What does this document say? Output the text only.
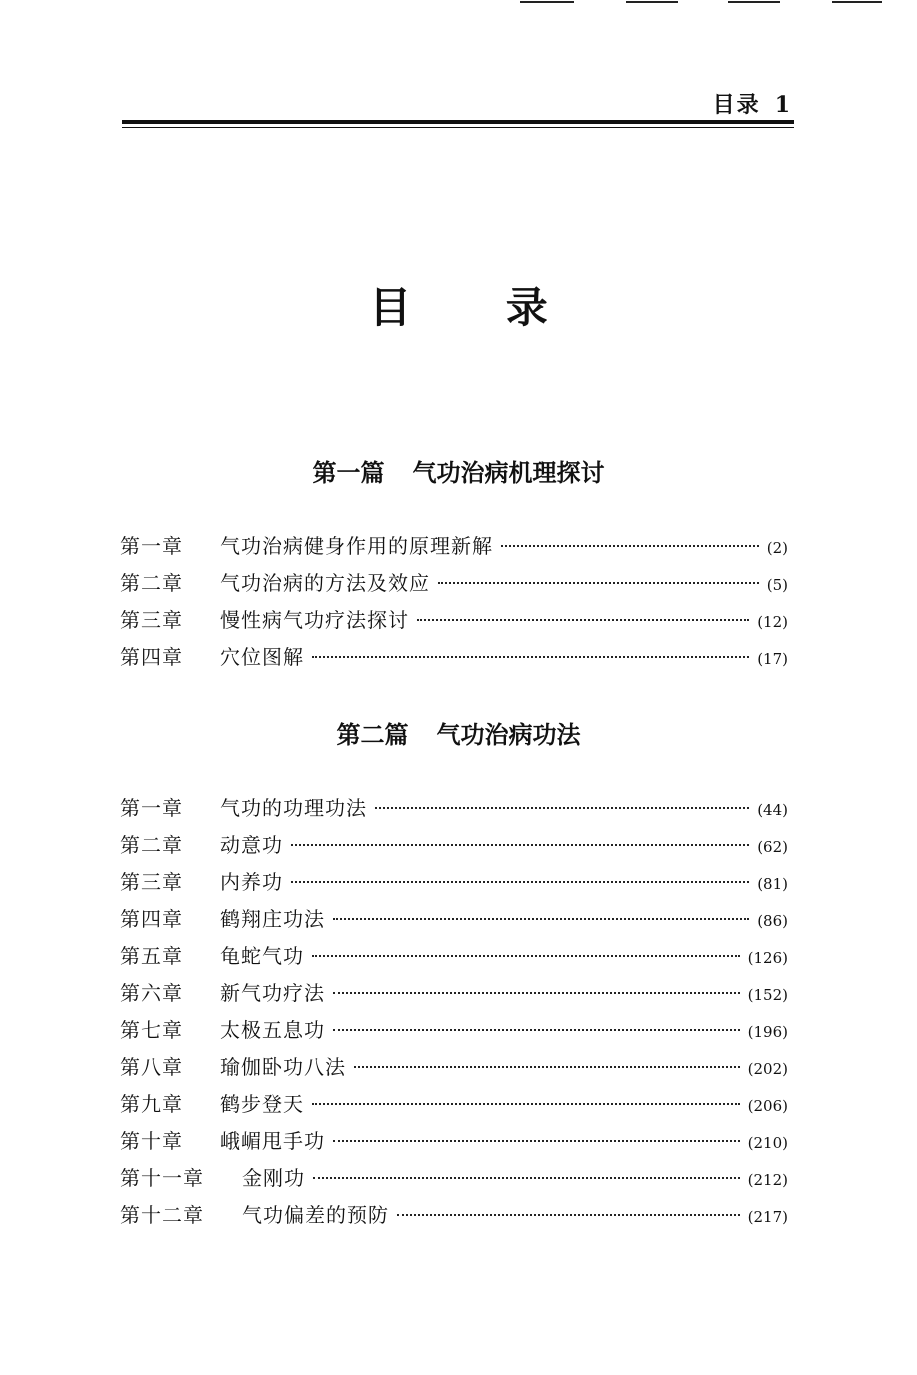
目录 1
目 录
第一篇 气功治病机理探讨
第一章	气功治病健身作用的原理新解	( 2 )
第二章	气功治病的方法及效应	( 5 )
第三章	慢性病气功疗法探讨	( 12 )
第四章	穴位图解	( 17 )
第二篇 气功治病功法
第一章	气功的功理功法	( 44 )
第二章	动意功	( 62 )
第三章	内养功	( 81 )
第四章	鹤翔庄功法	( 86 )
第五章	龟蛇气功	( 126 )
第六章	新气功疗法	( 152 )
第七章	太极五息功	( 196 )
第八章	瑜伽卧功八法	( 202 )
第九章	鹤步登天	( 206 )
第十章	峨嵋甩手功	( 210 )
第十一章	金刚功	( 212 )
第十二章	气功偏差的预防	( 217 )
